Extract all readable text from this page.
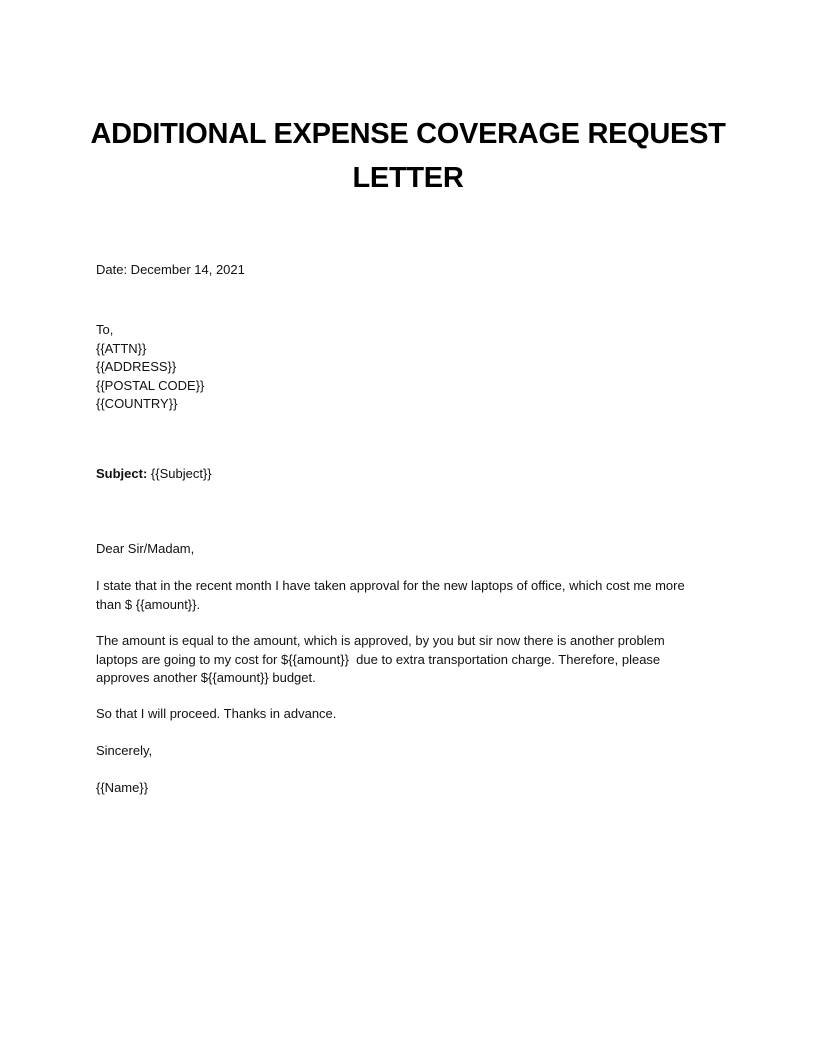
ADDITIONAL EXPENSE COVERAGE REQUEST
LETTER

Date: December 14, 2021

To,
{{ATTN}}
{{ADDRESS}}
{{POSTAL CODE}}
{{COUNTRY}}

Subject: {{Subject}}

Dear Sir/Madam,

I state that in the recent month I have taken approval for the new laptops of office, which cost me more
than $ {{amount}}.
The amount is equal to the amount, which is approved, by you but sir now there is another problem
laptops are going to my cost for ${{amount}}  due to extra transportation charge. Therefore, please
approves another ${{amount}} budget.

So that I will proceed. Thanks in advance.

Sincerely,

{{Name}}
